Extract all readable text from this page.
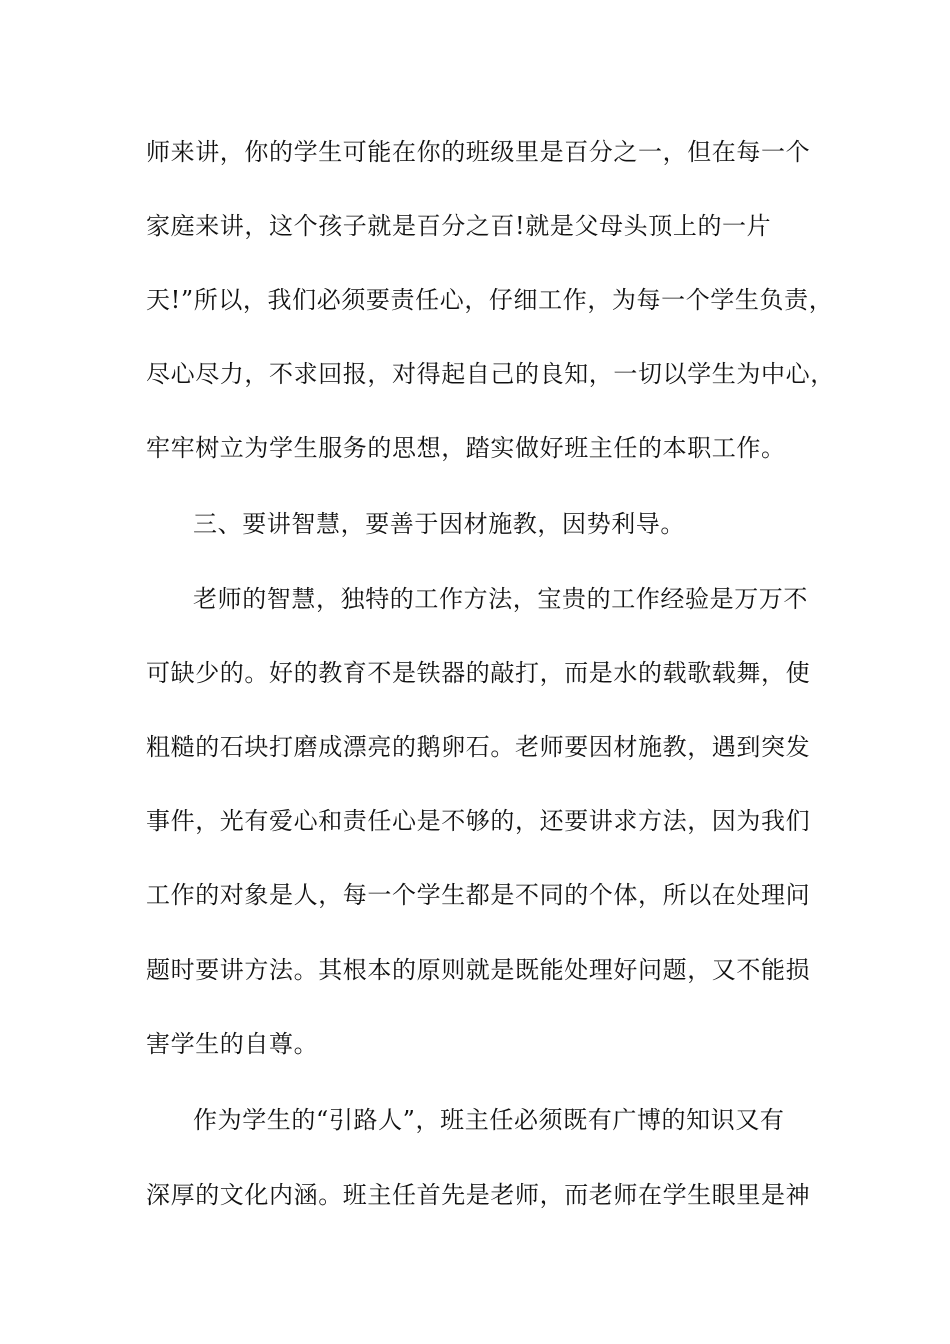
师来讲，你的学生可能在你的班级里是百分之一，但在每一个
家庭来讲，这个孩子就是百分之百!就是父母头顶上的一片
天!”所以，我们必须要责任心，仔细工作，为每一个学生负责，
尽心尽力，不求回报，对得起自己的良知，一切以学生为中心，
牢牢树立为学生服务的思想，踏实做好班主任的本职工作。
三、要讲智慧，要善于因材施教，因势利导。
老师的智慧，独特的工作方法，宝贵的工作经验是万万不
可缺少的。好的教育不是铁器的敲打，而是水的载歌载舞，使
粗糙的石块打磨成漂亮的鹅卵石。老师要因材施教，遇到突发
事件，光有爱心和责任心是不够的，还要讲求方法，因为我们
工作的对象是人，每一个学生都是不同的个体，所以在处理问
题时要讲方法。其根本的原则就是既能处理好问题，又不能损
害学生的自尊。
作为学生的“引路人”，班主任必须既有广博的知识又有
深厚的文化内涵。班主任首先是老师，而老师在学生眼里是神
